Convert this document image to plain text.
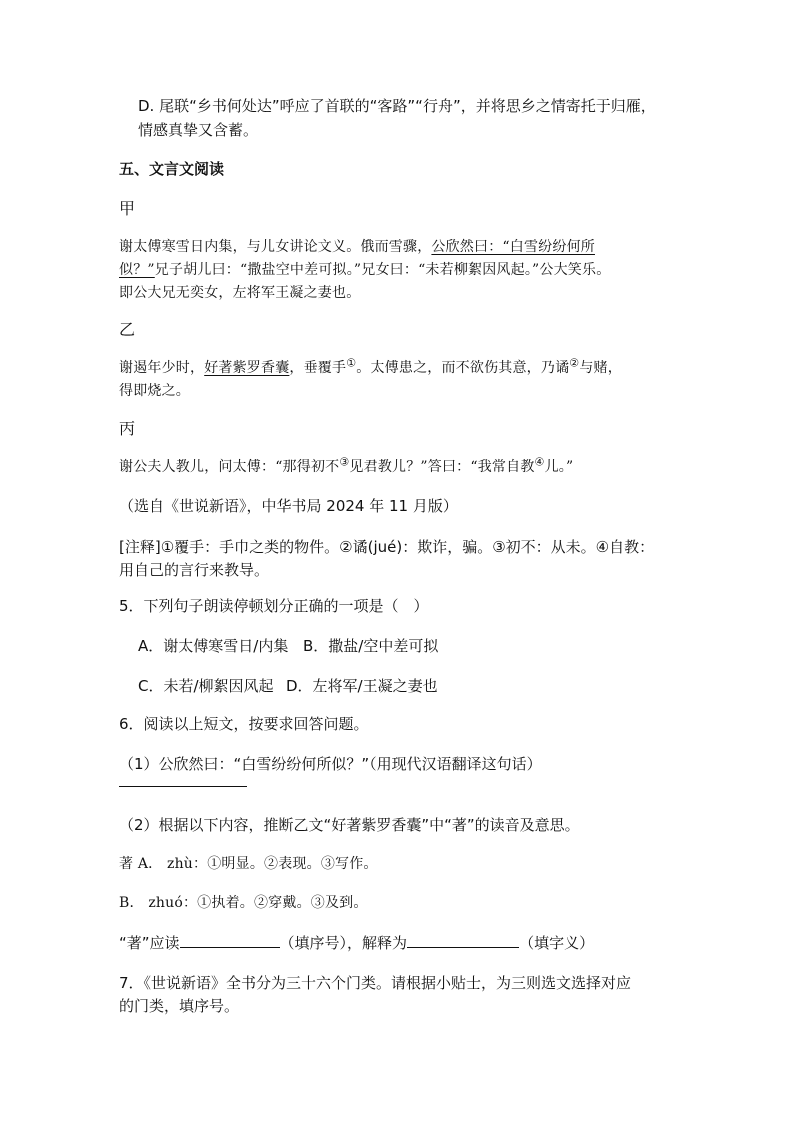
D. 尾联“乡书何处达”呼应了首联的“客路”“行舟”，并将思乡之情寄托于归雁，
情感真挚又含蓄。
五、文言文阅读
甲
谢太傅寒雪日内集，与儿女讲论文义。俄而雪骤，公欣然曰：“白雪纷纷何所
似？”兄子胡儿曰：“撒盐空中差可拟。”兄女曰：“未若柳絮因风起。”公大笑乐。
即公大兄无奕女，左将军王凝之妻也。
乙
谢遏年少时，好著紫罗香囊，垂覆手①。太傅患之，而不欲伤其意，乃谲②与赌，
得即烧之。
丙
谢公夫人教儿，问太傅：“那得初不③见君教儿？”答曰：“我常自教④儿。”
（选自《世说新语》，中华书局 2024 年 11 月版）
[注释]①覆手：手巾之类的物件。②谲(jué)：欺诈，骗。③初不：从未。④自教：
用自己的言行来教导。
5．下列句子朗读停顿划分正确的一项是（　）
A．谢太傅寒雪日/内集 B．撒盐/空中差可拟
C．未若/柳絮因风起 D．左将军/王凝之妻也
6．阅读以上短文，按要求回答问题。
（1）公欣然曰：“白雪纷纷何所似？”（用现代汉语翻译这句话）
（2）根据以下内容，推断乙文“好著紫罗香囊”中“著”的读音及意思。
著 A． zhù：①明显。②表现。③写作。
B． zhuó：①执着。②穿戴。③及到。
“著”应读	（填序号），解释为	（填字义）
7．《世说新语》全书分为三十六个门类。请根据小贴士，为三则选文选择对应
的门类，填序号。
